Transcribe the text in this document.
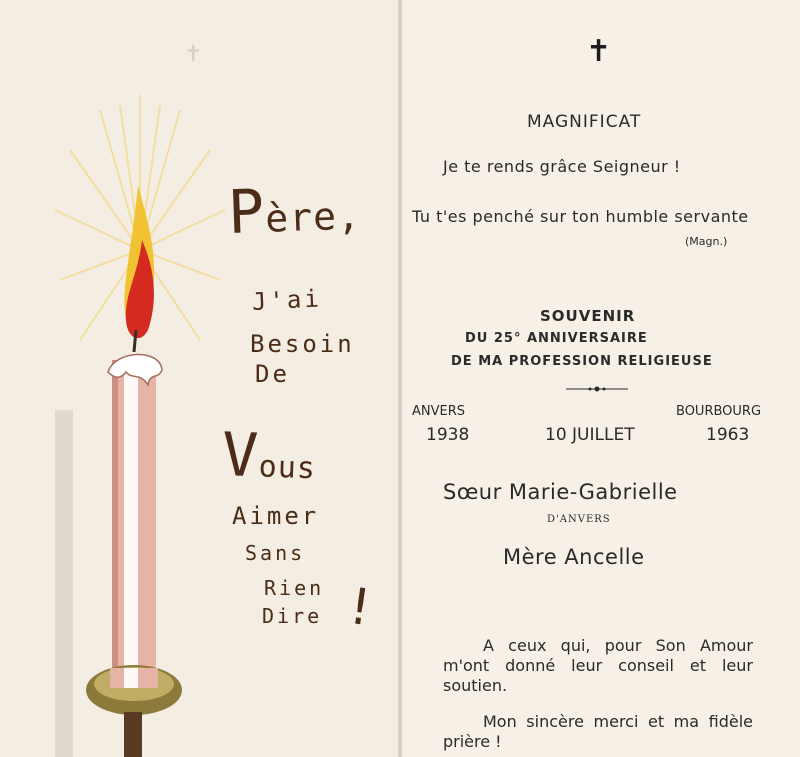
✝

Père,

J'ai

Besoin

De

Vous

Aimer

Sans

Rien

Dire !
✝

MAGNIFICAT

Je te rends grâce Seigneur !

Tu t'es penché sur ton humble servante

(Magn.)

SOUVENIR

DU 25° ANNIVERSAIRE

DE MA PROFESSION RELIGIEUSE

ANVERS	BOURBOURG

1938	10 JUILLET	1963

Sœur Marie-Gabrielle

D'ANVERS

Mère Ancelle

A ceux qui, pour Son Amour m'ont donné leur conseil et leur soutien.

Mon sincère merci et ma fidèle prière !
